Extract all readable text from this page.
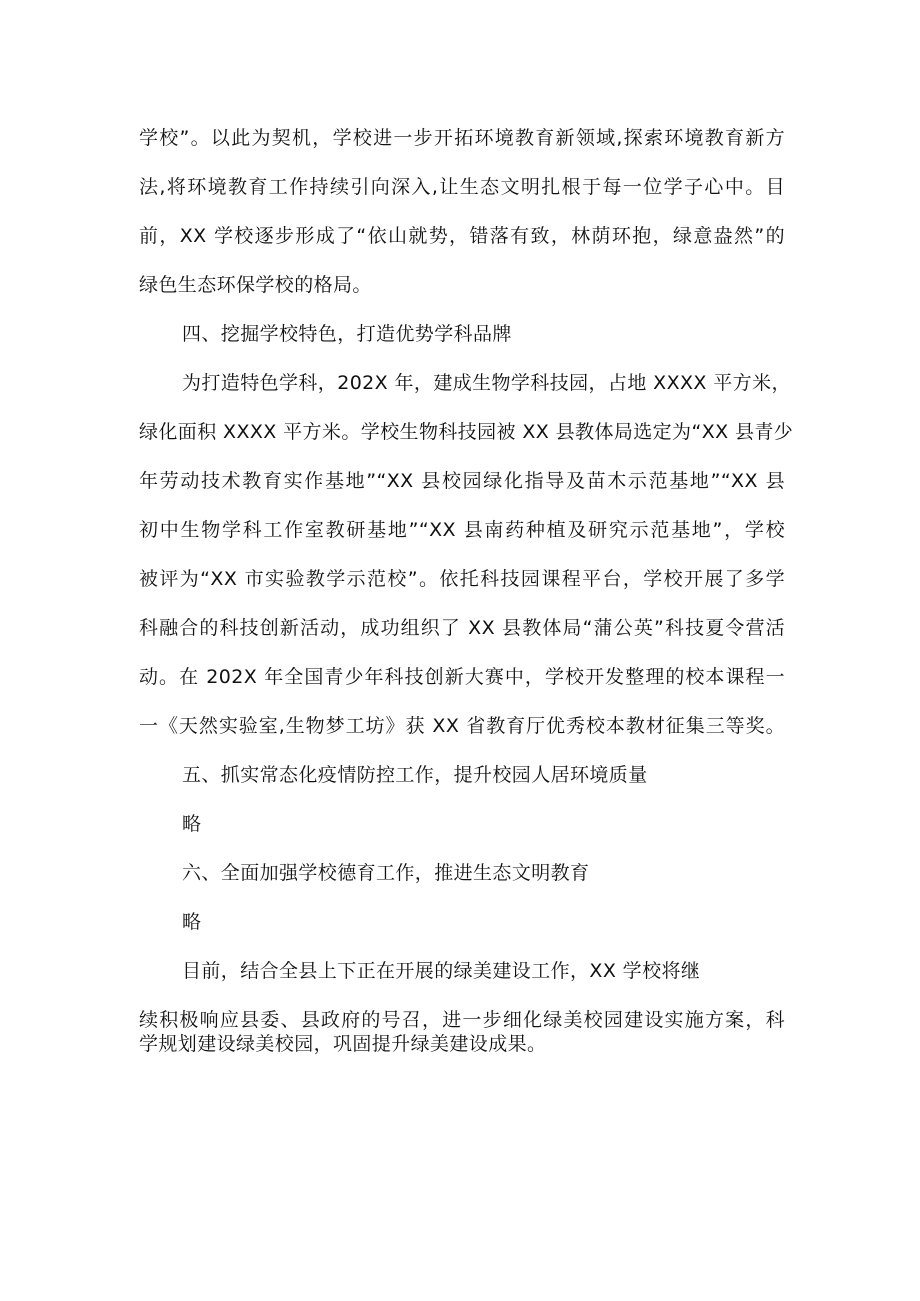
学校”。以此为契机，学校进一步开拓环境教育新领域,探索环境教育新方
法,将环境教育工作持续引向深入,让生态文明扎根于每一位学子心中。目
前，XX 学校逐步形成了“依山就势，错落有致，林荫环抱，绿意盎然”的
绿色生态环保学校的格局。
四、挖掘学校特色，打造优势学科品牌
为打造特色学科，202X 年，建成生物学科技园，占地 XXXX 平方米，
绿化面积 XXXX 平方米。学校生物科技园被 XX 县教体局选定为“XX 县青少
年劳动技术教育实作基地”“XX 县校园绿化指导及苗木示范基地”“XX 县
初中生物学科工作室教研基地”“XX 县南药种植及研究示范基地”，学校
被评为“XX 市实验教学示范校”。依托科技园课程平台，学校开展了多学
科融合的科技创新活动，成功组织了 XX 县教体局“蒲公英”科技夏令营活
动。在 202X 年全国青少年科技创新大赛中，学校开发整理的校本课程一
一《天然实验室,生物梦工坊》获 XX 省教育厅优秀校本教材征集三等奖。
五、抓实常态化疫情防控工作，提升校园人居环境质量
略
六、全面加强学校德育工作，推进生态文明教育
略
目前，结合全县上下正在开展的绿美建设工作，XX 学校将继
续积极响应县委、县政府的号召，进一步细化绿美校园建设实施方案，科
学规划建设绿美校园，巩固提升绿美建设成果。
